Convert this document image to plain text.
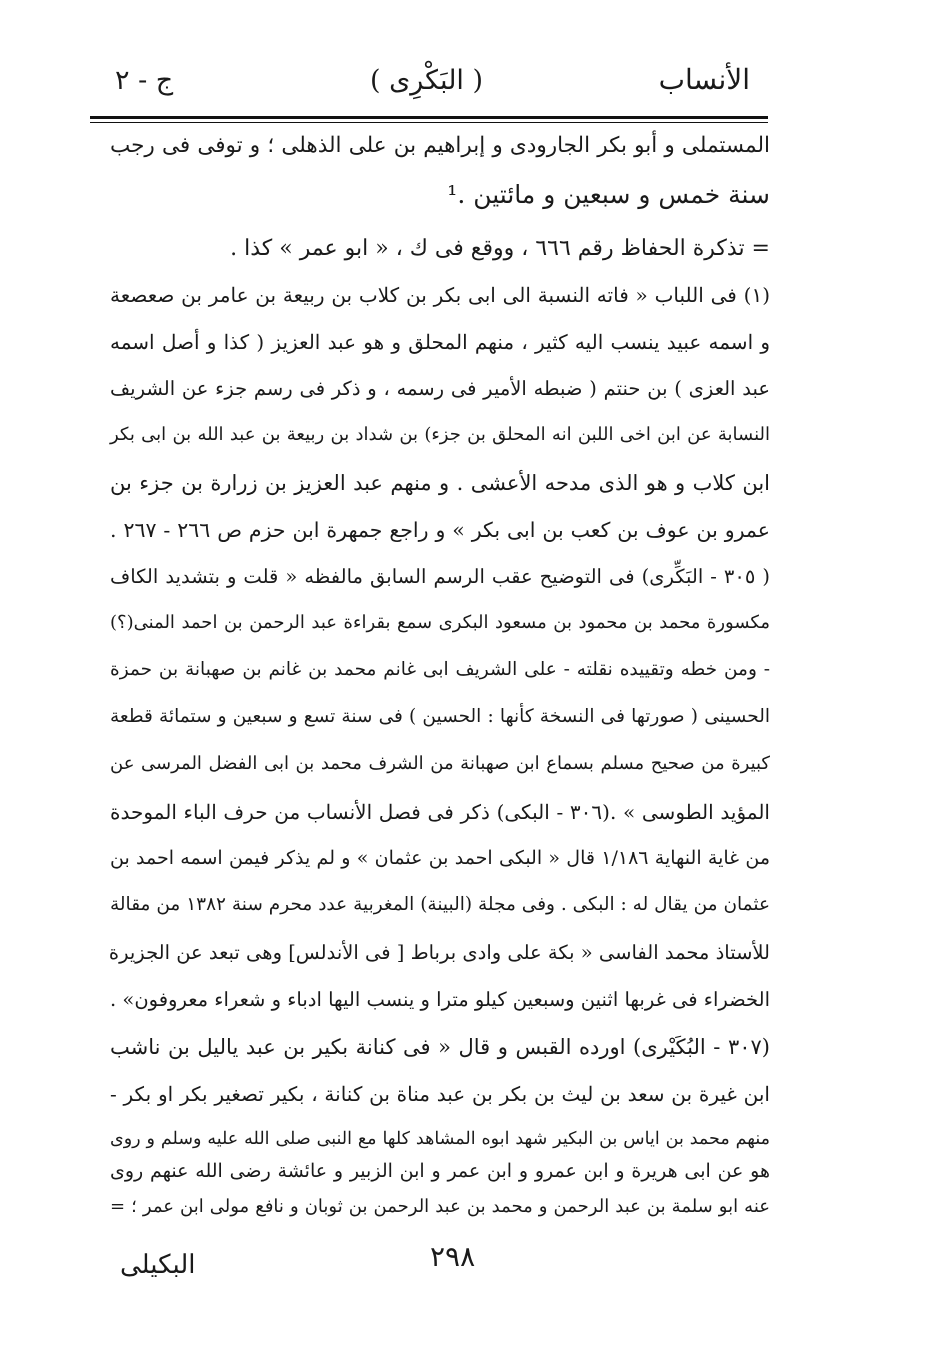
ج - ٢	( البَكْرِى )	الأنساب
المستملى و أبو بكر الجارودى و إبراهيم بن على الذهلى ؛ و توفى فى رجب
سنة خمس و سبعين و مائتين .¹
= تذكرة الحفاظ رقم ٦٦٦ ، ووقع فى ك ، « ابو عمر » كذا .
(١) فى اللباب « فاته النسبة الى ابى بكر بن كلاب بن ربيعة بن عامر بن صعصعة
و اسمه عبيد ينسب اليه كثير ، منهم المحلق و هو عبد العزيز ( كذا و أصل اسمه
عبد العزى ) بن حنتم ( ضبطه الأمير فى رسمه ، و ذكر فى رسم جزء عن الشريف
النسابة عن ابن اخى اللبن انه المحلق بن جزء) بن شداد بن ربيعة بن عبد الله بن ابى بكر
ابن كلاب و هو الذى مدحه الأعشى . و منهم عبد العزيز بن زرارة بن جزء بن
عمرو بن عوف بن كعب بن ابى بكر » و راجع جمهرة ابن حزم ص ٢٦٦ - ٢٦٧ .
( ٣٠٥ - البَكِّرى) فى التوضيح عقب الرسم السابق مالفظه « قلت و بتشديد الكاف
مكسورة محمد بن محمود بن مسعود البكرى سمع بقراءة عبد الرحمن بن احمد المنى(؟)
- ومن خطه وتقييده نقلته - على الشريف ابى غانم محمد بن غانم بن صهبانة بن حمزة
الحسينى ( صورتها فى النسخة كأنها : الحسين ) فى سنة تسع و سبعين و ستمائة قطعة
كبيرة من صحيح مسلم بسماع ابن صهبانة من الشرف محمد بن ابى الفضل المرسى عن
المؤيد الطوسى » .(٣٠٦ - البكى) ذكر فى فصل الأنساب من حرف الباء الموحدة
من غاية النهاية ١/١٨٦ قال « البكى احمد بن عثمان » و لم يذكر فيمن اسمه احمد بن
عثمان من يقال له : البكى . وفى مجلة (البينة) المغربية عدد محرم سنة ١٣٨٢ من مقالة
للأستاذ محمد الفاسى « بكة على وادى برباط [ فى الأندلس] وهى تبعد عن الجزيرة
الخضراء فى غربها اثنين وسبعين كيلو مترا و ينسب اليها ادباء و شعراء معروفون» .
(٣٠٧ - البُكَيْرى) اورده القبس و قال « فى كنانة بكير بن عبد ياليل بن ناشب
ابن غيرة بن سعد بن ليث بن بكر بن عبد مناة بن كنانة ، بكير تصغير بكر او بكر -
منهم محمد بن اياس بن البكير شهد ابوه المشاهد كلها مع النبى صلى الله عليه وسلم و روى
هو عن ابى هريرة و ابن عمرو و ابن عمر و ابن الزبير و عائشة رضى الله عنهم روى
عنه ابو سلمة بن عبد الرحمن و محمد بن عبد الرحمن بن ثوبان و نافع مولى ابن عمر ؛ =
٢٩٨
البكيلى
